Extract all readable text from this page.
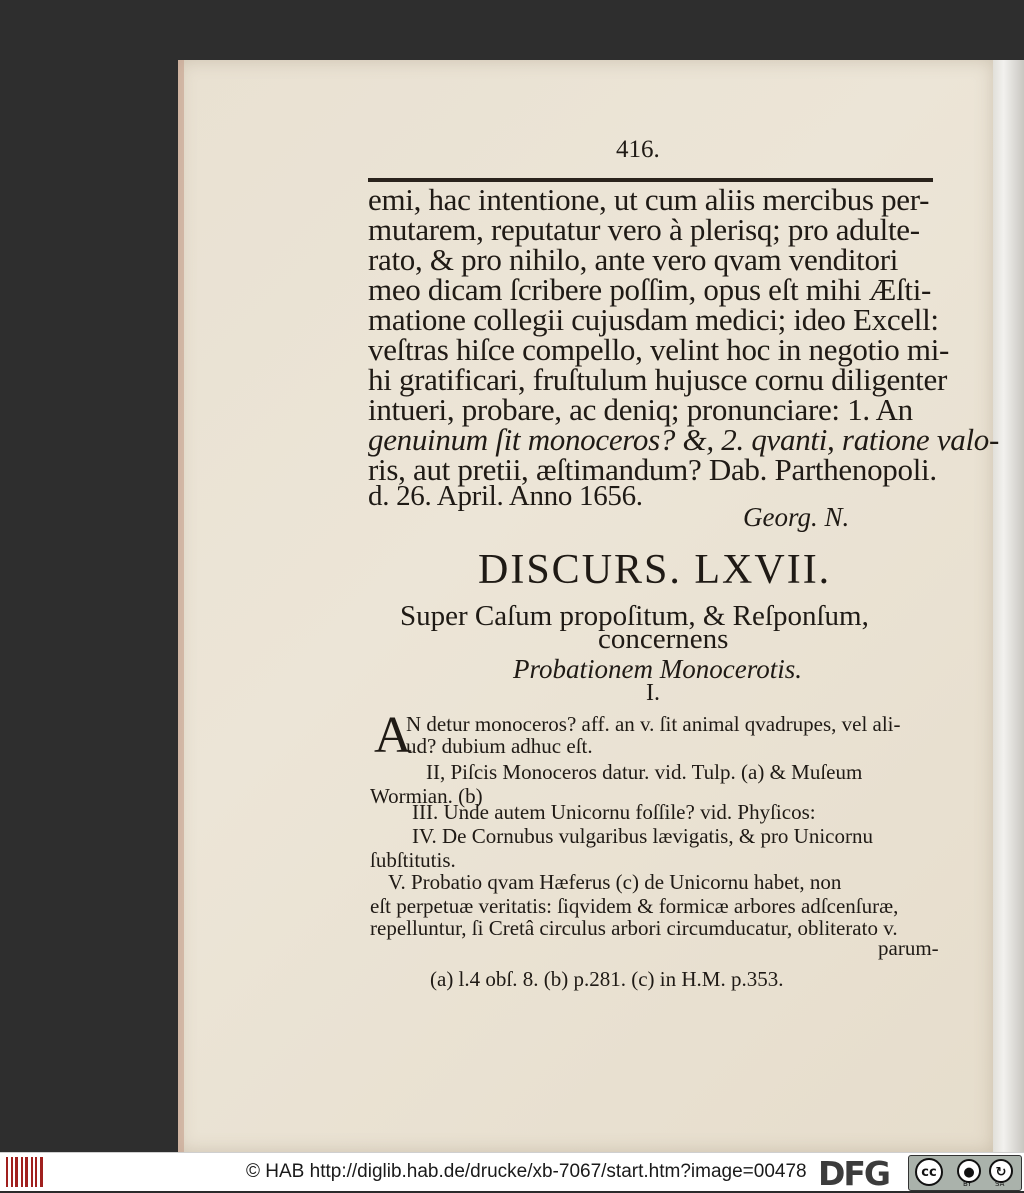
416.
emi, hac intentione, ut cum aliis mercibus per-
mutarem, reputatur vero à plerisq; pro adulte-
rato, & pro nihilo, ante vero qvam venditori
meo dicam ſcribere poſſim, opus eſt mihi Æſti-
matione collegii cujusdam medici; ideo Excell:
veſtras hiſce compello, velint hoc in negotio mi-
hi gratificari, fruſtulum hujusce cornu diligenter
intueri, probare, ac deniq; pronunciare: 1. An
genuinum ſit monoceros? &, 2. qvanti, ratione valo-
ris, aut pretii, æſtimandum? Dab. Parthenopoli.
d. 26. April. Anno 1656.
Georg. N.
DISCURS. LXVII.
Super Caſum propoſitum, & Reſponſum,
concernens
Probationem Monocerotis.
I.
A
N detur monoceros? aff. an v. ſit animal qvadrupes, vel ali-
ud? dubium adhuc eſt.
II, Piſcis Monoceros datur. vid. Tulp. (a) & Muſeum
Wormian. (b)
III. Unde autem Unicornu foſſile? vid. Phyſicos:
IV. De Cornubus vulgaribus lævigatis, & pro Unicornu
ſubſtitutis.
V. Probatio qvam Hæferus (c) de Unicornu habet, non
eſt perpetuæ veritatis: ſiqvidem & formicæ arbores adſcenſuræ,
repelluntur, ſi Cretâ circulus arbori circumducatur, obliterato v.
parum-
(a) l.4 obſ. 8. (b) p.281. (c) in H.M. p.353.
© HAB http://diglib.hab.de/drucke/xb-7067/start.htm?image=00478 DFG	cc	●	↻
BY	SA
